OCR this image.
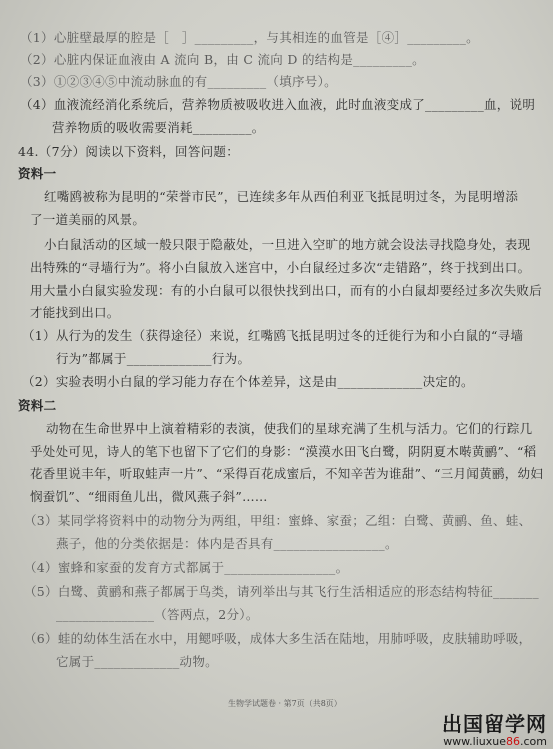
（1）心脏壁最厚的腔是［　］_________，与其相连的血管是［④］_________。
（2）心脏内保证血液由 A 流向 B，由 C 流向 D 的结构是_________。
（3）①②③④⑤中流动脉血的有_________（填序号）。
（4）血液流经消化系统后，营养物质被吸收进入血液，此时血液变成了_________血，说明
营养物质的吸收需要消耗_________。
44.（7分）阅读以下资料，回答问题：
资料一
红嘴鸥被称为昆明的“荣誉市民”，已连续多年从西伯利亚飞抵昆明过冬，为昆明增添
了一道美丽的风景。
小白鼠活动的区域一般只限于隐蔽处，一旦进入空旷的地方就会设法寻找隐身处，表现
出特殊的“寻墙行为”。将小白鼠放入迷宫中，小白鼠经过多次“走错路”，终于找到出口。
用大量小白鼠实验发现：有的小白鼠可以很快找到出口，而有的小白鼠却要经过多次失败后
才能找到出口。
（1）从行为的发生（获得途径）来说，红嘴鸥飞抵昆明过冬的迁徙行为和小白鼠的“寻墙
行为”都属于_____________行为。
（2）实验表明小白鼠的学习能力存在个体差异，这是由_____________决定的。
资料二
动物在生命世界中上演着精彩的表演，使我们的星球充满了生机与活力。它们的行踪几
乎处处可见，诗人的笔下也留下了它们的身影：“漠漠水田飞白鹭，阴阴夏木啭黄鹂”、“稻
花香里说丰年，听取蛙声一片”、“采得百花成蜜后，不知辛苦为谁甜”、“三月闻黄鹂，幼妇
悯蚕饥”、“细雨鱼儿出，微风燕子斜”……
（3）某同学将资料中的动物分为两组，甲组：蜜蜂、家蚕；乙组：白鹭、黄鹂、鱼、蛙、
燕子，他的分类依据是：体内是否具有_________________。
（4）蜜蜂和家蚕的发育方式都属于_________________。
（5）白鹭、黄鹂和燕子都属于鸟类，请列举出与其飞行生活相适应的形态结构特征_______
_______________（答两点，2分）。
（6）蛙的幼体生活在水中，用鳃呼吸，成体大多生活在陆地，用肺呼吸，皮肤辅助呼吸，
它属于_____________动物。
生物学试题卷 · 第7页（共8页）
出国留学网
www.liuxue86.com
